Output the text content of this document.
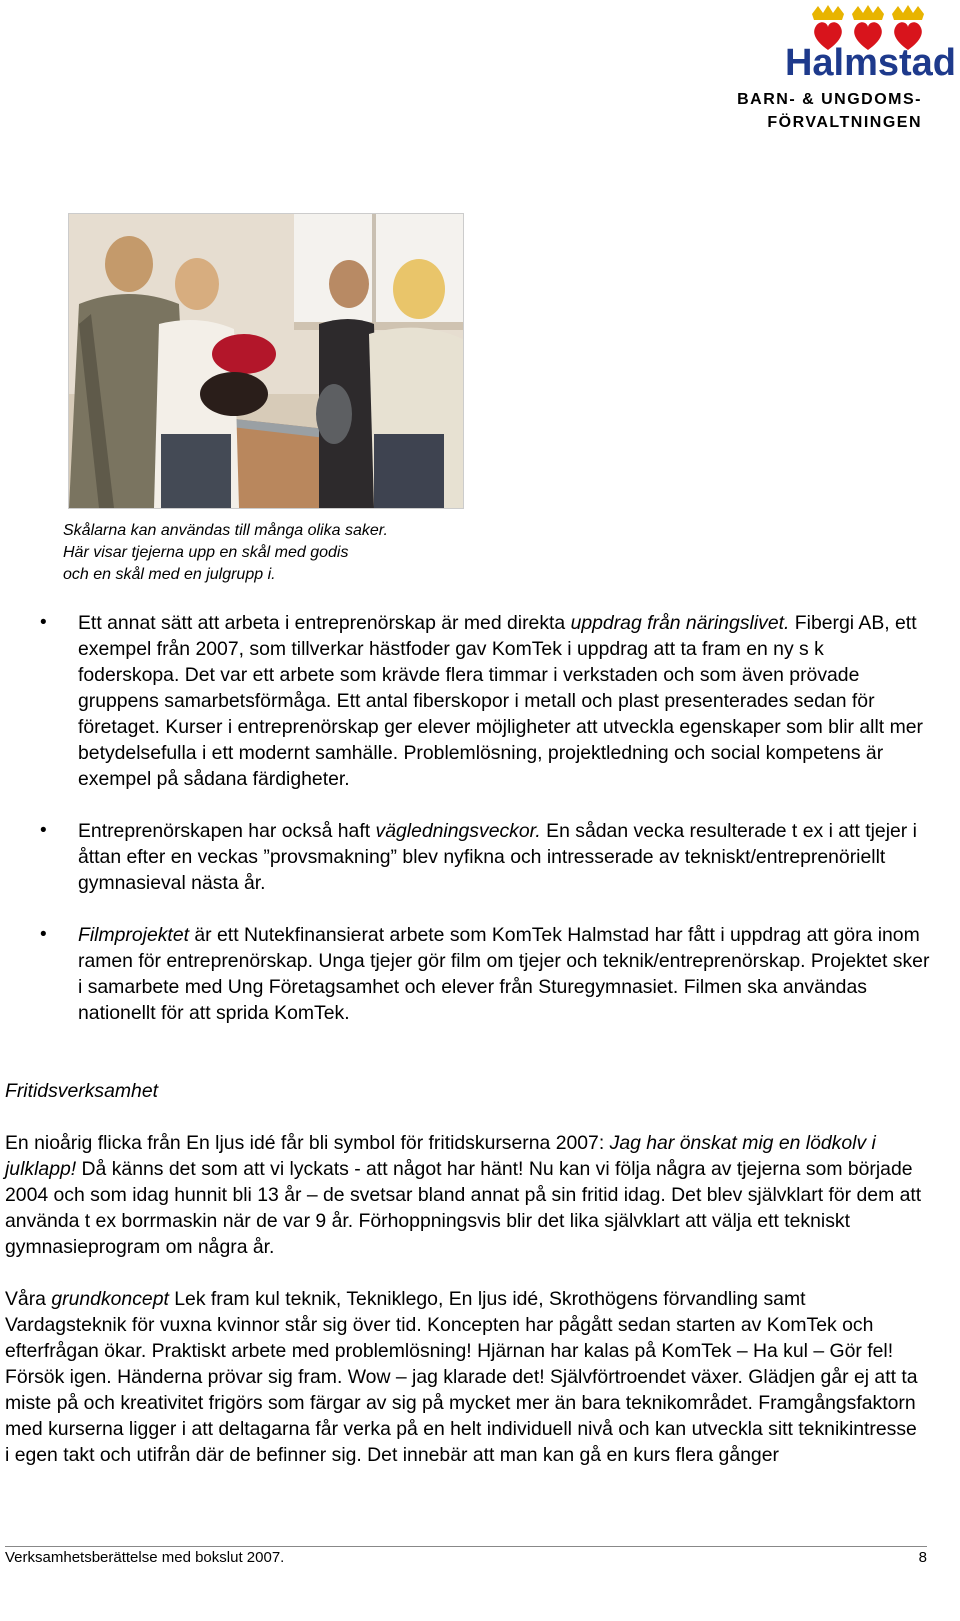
Halmstad
BARN- & UNGDOMS-
FÖRVALTNINGEN
Skålarna kan användas till många olika saker.
Här visar tjejerna upp en skål med godis
och en skål med en julgrupp i.
• Ett annat sätt att arbeta i entreprenörskap är med direkta uppdrag från näringslivet. Fibergi AB, ett exempel från 2007, som tillverkar hästfoder gav KomTek i uppdrag att ta fram en ny s k foderskopa. Det var ett arbete som krävde flera timmar i verkstaden och som även prövade gruppens samarbetsförmåga. Ett antal fiberskopor i metall och plast presenterades sedan för företaget. Kurser i entreprenörskap ger elever möjligheter att utveckla egenskaper som blir allt mer betydelsefulla i ett modernt samhälle. Problemlösning, projektledning och social kompetens är exempel på sådana färdigheter.
• Entreprenörskapen har också haft vägledningsveckor. En sådan vecka resulterade t ex i att tjejer i åttan efter en veckas ”provsmakning” blev nyfikna och intresserade av tekniskt/entreprenöriellt gymnasieval nästa år.
• Filmprojektet är ett Nutekfinansierat arbete som KomTek Halmstad har fått i uppdrag att göra inom ramen för entreprenörskap. Unga tjejer gör film om tjejer och teknik/entreprenörskap. Projektet sker i samarbete med Ung Företagsamhet och elever från Sturegymnasiet. Filmen ska användas nationellt för att sprida KomTek.
Fritidsverksamhet
En nioårig flicka från En ljus idé får bli symbol för fritidskurserna 2007: Jag har önskat mig en lödkolv i julklapp! Då känns det som att vi lyckats - att något har hänt! Nu kan vi följa några av tjejerna som började 2004 och som idag hunnit bli 13 år – de svetsar bland annat på sin fritid idag. Det blev självklart för dem att använda t ex borrmaskin när de var 9 år. Förhoppningsvis blir det lika självklart att välja ett tekniskt gymnasieprogram om några år.
Våra grundkoncept Lek fram kul teknik, Tekniklego, En ljus idé, Skrothögens förvandling samt Vardagsteknik för vuxna kvinnor står sig över tid. Koncepten har pågått sedan starten av KomTek och efterfrågan ökar. Praktiskt arbete med problemlösning! Hjärnan har kalas på KomTek – Ha kul – Gör fel! Försök igen. Händerna prövar sig fram. Wow – jag klarade det! Självförtroendet växer. Glädjen går ej att ta miste på och kreativitet frigörs som färgar av sig på mycket mer än bara teknikområdet. Framgångsfaktorn med kurserna ligger i att deltagarna får verka på en helt individuell nivå och kan utveckla sitt teknikintresse i egen takt och utifrån där de befinner sig. Det innebär att man kan gå en kurs flera gånger
Verksamhetsberättelse med bokslut 2007.	8
